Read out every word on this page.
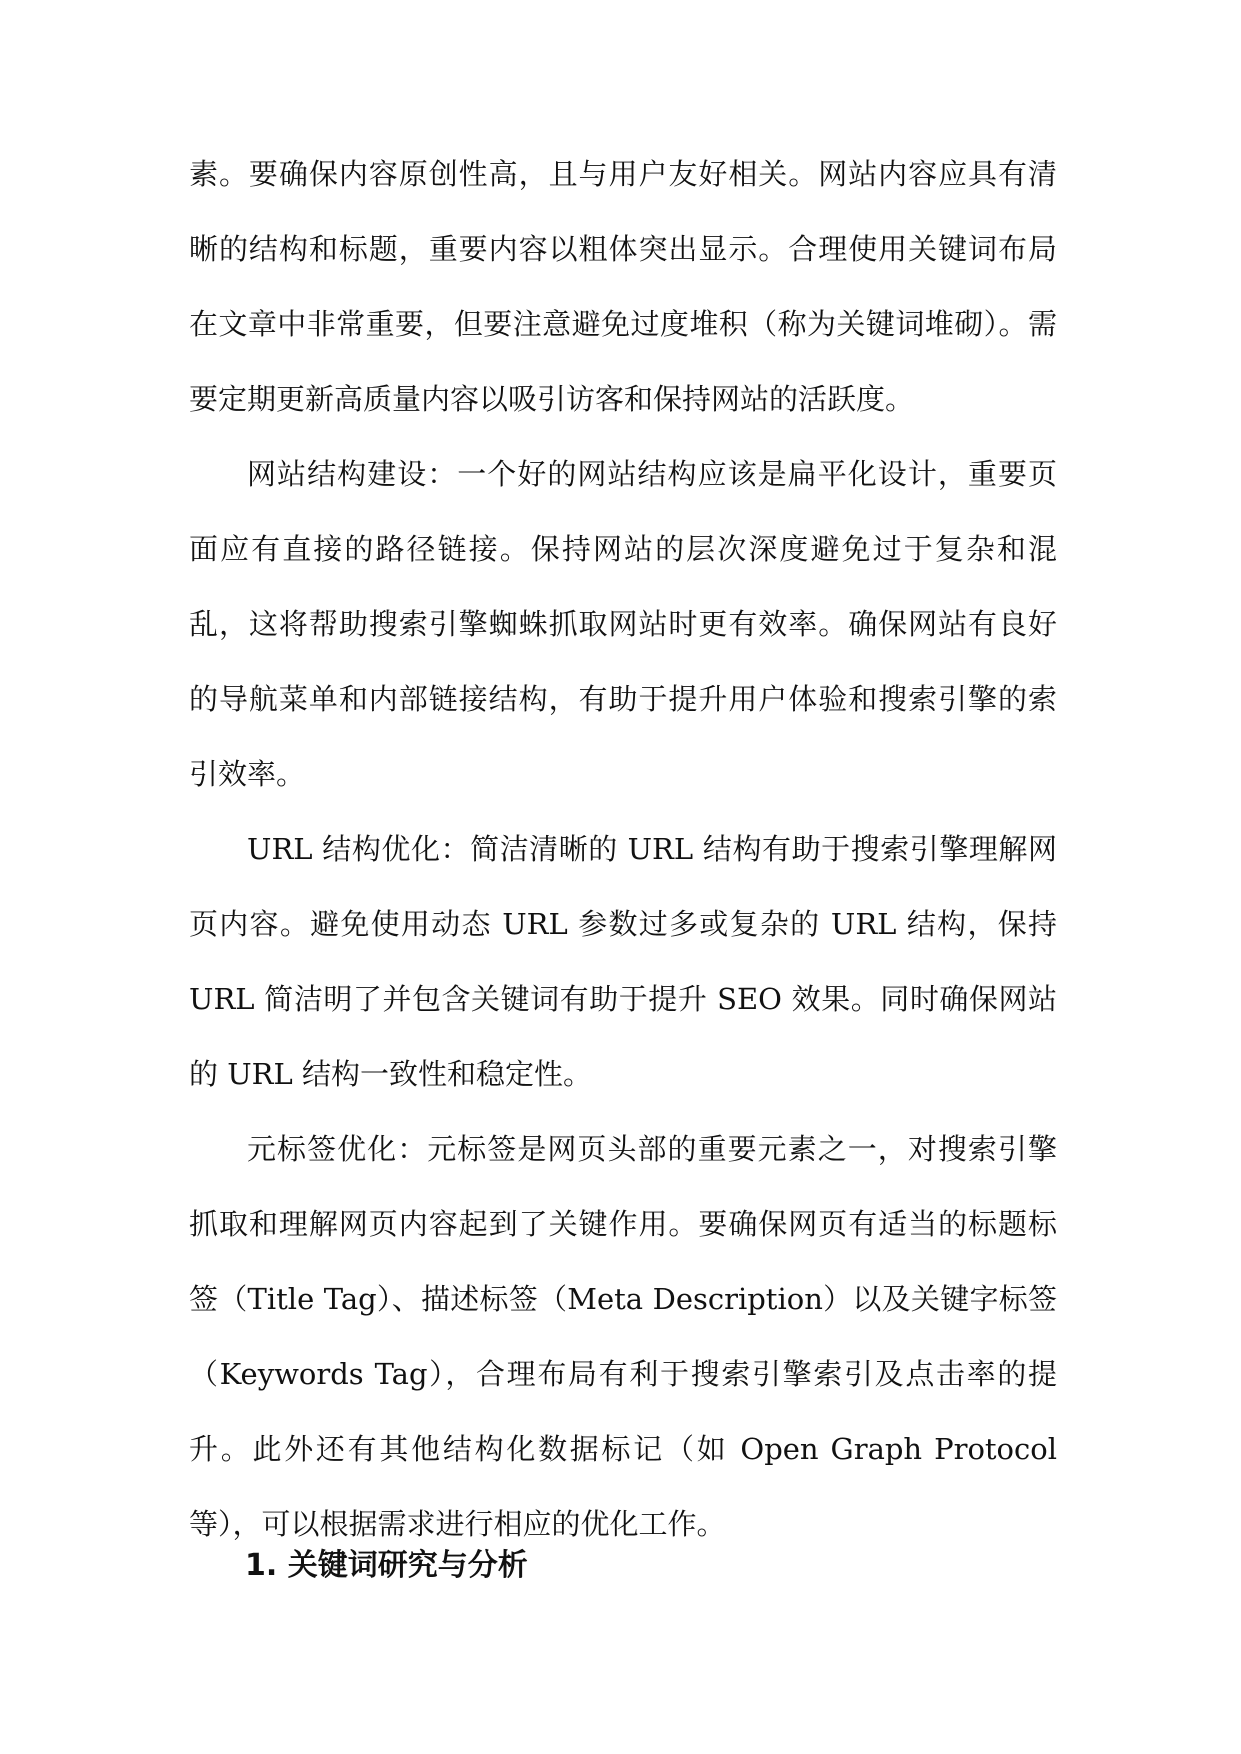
素。要确保内容原创性高，且与用户友好相关。网站内容应具有清晰的结构和标题，重要内容以粗体突出显示。合理使用关键词布局在文章中非常重要，但要注意避免过度堆积（称为关键词堆砌）。需要定期更新高质量内容以吸引访客和保持网站的活跃度。

网站结构建设：一个好的网站结构应该是扁平化设计，重要页面应有直接的路径链接。保持网站的层次深度避免过于复杂和混乱，这将帮助搜索引擎蜘蛛抓取网站时更有效率。确保网站有良好的导航菜单和内部链接结构，有助于提升用户体验和搜索引擎的索引效率。

URL 结构优化：简洁清晰的 URL 结构有助于搜索引擎理解网页内容。避免使用动态 URL 参数过多或复杂的 URL 结构，保持 URL 简洁明了并包含关键词有助于提升 SEO 效果。同时确保网站的 URL 结构一致性和稳定性。

元标签优化：元标签是网页头部的重要元素之一，对搜索引擎抓取和理解网页内容起到了关键作用。要确保网页有适当的标题标签（Title Tag）、描述标签（Meta Description）以及关键字标签（Keywords Tag），合理布局有利于搜索引擎索引及点击率的提升。此外还有其他结构化数据标记（如 Open Graph Protocol 等），可以根据需求进行相应的优化工作。

1. 关键词研究与分析
